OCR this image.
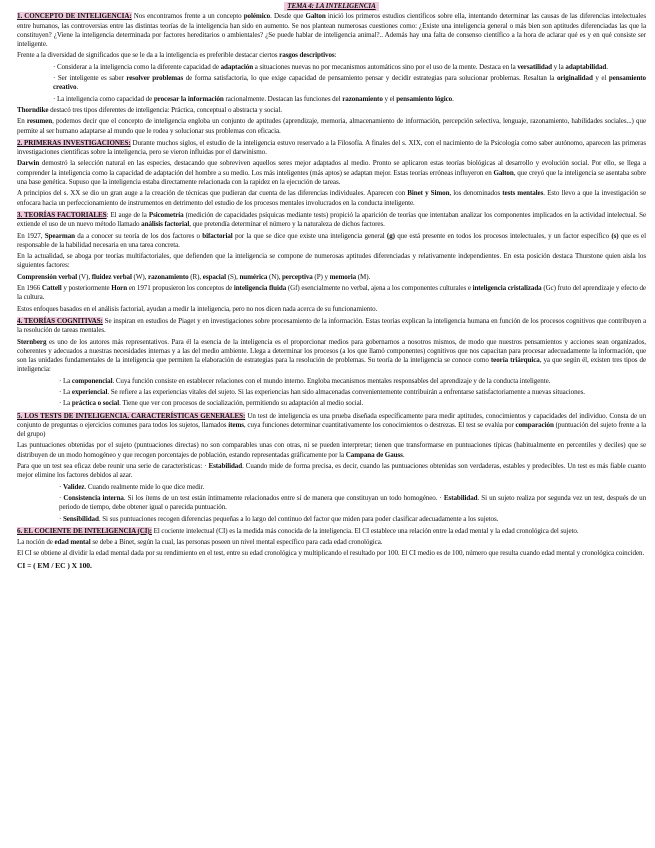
TEMA 4: LA INTELIGENCIA

1. CONCEPTO DE INTELIGENCIA: Nos encontramos frente a un concepto polémico. Desde que Galton inició los primeros estudios científicos sobre ella, intentando determinar las causas de las diferencias intelectuales entre humanos, las controversias entre las distintas teorías de la inteligencia han sido en aumento. Se nos plantean numerosas cuestiones como: ¿Existe una inteligencia general o más bien son aptitudes diferenciadas las que la constituyen? ¿Viene la inteligencia determinada por factores hereditarios o ambientales? ¿Se puede hablar de inteligencia animal?.. Además hay una falta de consenso científico a la hora de aclarar qué es y en qué consiste ser inteligente.

Frente a la diversidad de significados que se le da a la inteligencia es preferible destacar ciertos rasgos descriptivos:

· Considerar a la inteligencia como la diferente capacidad de adaptación a situaciones nuevas no por mecanismos automáticos sino por el uso de la mente. Destaca en la versatilidad y la adaptabilidad.

· Ser inteligente es saber resolver problemas de forma satisfactoria, lo que exige capacidad de pensamiento pensar y decidir estrategias para solucionar problemas. Resaltan la originalidad y el pensamiento creativo.

· La inteligencia como capacidad de procesar la información racionalmente. Destacan las funciones del razonamiento y el pensamiento lógico.

Thorndike destacó tres tipos diferentes de inteligencia: Práctica, conceptual o abstracta y social.

En resumen, podemos decir que el concepto de inteligencia engloba un conjunto de aptitudes (aprendizaje, memoria, almacenamiento de información, percepción selectiva, lenguaje, razonamiento, habilidades sociales...) que permite al ser humano adaptarse al mundo que le rodea y solucionar sus problemas con eficacia.

2. PRIMERAS INVESTIGACIONES: Durante muchos siglos, el estudio de la inteligencia estuvo reservado a la Filosofía. A finales del s. XIX, con el nacimiento de la Psicología como saber autónomo, aparecen las primeras investigaciones científicas sobre la inteligencia, pero se vieron influidas por el darwinismo.

Darwin demostró la selección natural en las especies, destacando que sobreviven aquellos seres mejor adaptados al medio. Pronto se aplicaron estas teorías biológicas al desarrollo y evolución social. Por ello, se llega a comprender la inteligencia como la capacidad de adaptación del hombre a su medio. Los más inteligentes (más aptos) se adaptan mejor. Estas teorías erróneas influyeron en Galton, que creyó que la inteligencia se asentaba sobre una base genética. Supuso que la inteligencia estaba directamente relacionada con la rapidez en la ejecución de tareas.

A principios del s. XX se dio un gran auge a la creación de técnicas que pudieran dar cuenta de las diferencias individuales. Aparecen con Binet y Simon, los denominados tests mentales. Esto llevo a que la investigación se enfocara hacia un perfeccionamiento de instrumentos en detrimento del estudio de los procesos mentales involucrados en la conducta inteligente.

3. TEORÍAS FACTORIALES: El auge de la Psicometría (medición de capacidades psíquicas mediante tests) propició la aparición de teorías que intentaban analizar los componentes implicados en la actividad intelectual. Se extiende el uso de un nuevo método llamado análisis factorial, que pretendía determinar el número y la naturaleza de dichos factores.

En 1927, Spearman da a conocer su teoría de los dos factores o bifactorial por la que se dice que existe una inteligencia general (g) que está presente en todos los procesos intelectuales, y un factor específico (s) que es el responsable de la habilidad necesaria en una tarea concreta.

En la actualidad, se aboga por teorías multifactoriales, que defienden que la inteligencia se compone de numerosas aptitudes diferenciadas y relativamente independientes. En esta posición destaca Thurstone quien aisla los siguientes factores:

Comprensión verbal (V), fluidez verbal (W), razonamiento (R), espacial (S), numérica (N), perceptiva (P) y memoria (M).

En 1966 Cattell y posteriormente Horn en 1971 propusieron los conceptos de inteligencia fluida (Gf) esencialmente no verbal, ajena a los componentes culturales e inteligencia cristalizada (Gc) fruto del aprendizaje y efecto de la cultura.

Estos enfoques basados en el análisis factorial, ayudan a medir la inteligencia, pero no nos dicen nada acerca de su funcionamiento.

4. TEORÍAS COGNITIVAS: Se inspiran en estudios de Piaget y en investigaciones sobre procesamiento de la información. Estas teorías explican la inteligencia humana en función de los procesos cognitivos que contribuyen a la resolución de tareas mentales.

Sternberg es uno de los autores más representativos. Para él la esencia de la inteligencia es el proporcionar medios para gobernarnos a nosotros mismos, de modo que nuestros pensamientos y acciones sean organizados, coherentes y adecuados a nuestras necesidades internas y a las del medio ambiente. Llega a determinar los procesos (a los que llamó componentes) cognitivos que nos capacitan para procesar adecuadamente la información, que son las unidades fundamentales de la inteligencia que permiten la elaboración de estrategias para la resolución de problemas. Su teoría de la inteligencia se conoce como teoría triárquica, ya que según él, existen tres tipos de inteligencia:

· La componencial. Cuya función consiste en establecer relaciones con el mundo interno. Engloba mecanismos mentales responsables del aprendizaje y de la conducta inteligente.

· La experiencial. Se refiere a las experiencias vitales del sujeto. Si las experiencias han sido almacenadas convenientemente contribuirán a enfrentarse satisfactoriamente a nuevas situaciones.

· La práctica o social. Tiene que ver con procesos de socialización, permitiendo su adaptación al medio social.

5. LOS TESTS DE INTELIGENCIA. CARACTERÍSTICAS GENERALES: Un test de inteligencia es una prueba diseñada específicamente para medir aptitudes, conocimientos y capacidades del individuo. Consta de un conjunto de preguntas o ejercicios comunes para todos los sujetos, llamados ítems, cuya funciones determinar cuantitativamente los conocimientos o destrezas. El test se evalúa por comparación (puntuación del sujeto frente a la del grupo)

Las puntuaciones obtenidas por el sujeto (puntuaciones directas) no son comparables unas con otras, ni se pueden interpretar; tienen que transformarse en puntuaciones típicas (habitualmente en percentiles y deciles) que se distribuyen de un modo homogéneo y que recogen porcentajes de población, estando representadas gráficamente por la Campana de Gauss.

Para que un test sea eficaz debe reunir una serie de características: · Estabilidad. Cuando mide de forma precisa, es decir, cuando las puntuaciones obtenidas son verdaderas, estables y predecibles. Un test es más fiable cuanto mejor elimine los factores debidos al azar.

· Validez. Cuando realmente mide lo que dice medir.

· Consistencia interna. Si los ítems de un test están íntimamente relacionados entre sí de manera que constituyan un todo homogéneo. · Estabilidad. Si un sujeto realiza por segunda vez un test, después de un periodo de tiempo, debe obtener igual o parecida puntuación.

· Sensibilidad. Si sus puntuaciones recogen diferencias pequeñas a lo largo del continuo del factor que miden para poder clasificar adecuadamente a los sujetos.

6. EL COCIENTE DE INTELIGENCIA (CI): El cociente intelectual (CI) es la medida más conocida de la inteligencia. El CI establece una relación entre la edad mental y la edad cronológica del sujeto.

La noción de edad mental se debe a Binet, según la cual, las personas poseen un nivel mental específico para cada edad cronológica.

El CI se obtiene al dividir la edad mental dada por su rendimiento en el test, entre su edad cronológica y multiplicando el resultado por 100. El CI medio es de 100, número que resulta cuando edad mental y cronológica coinciden.

CI = ( EM / EC ) X 100.
